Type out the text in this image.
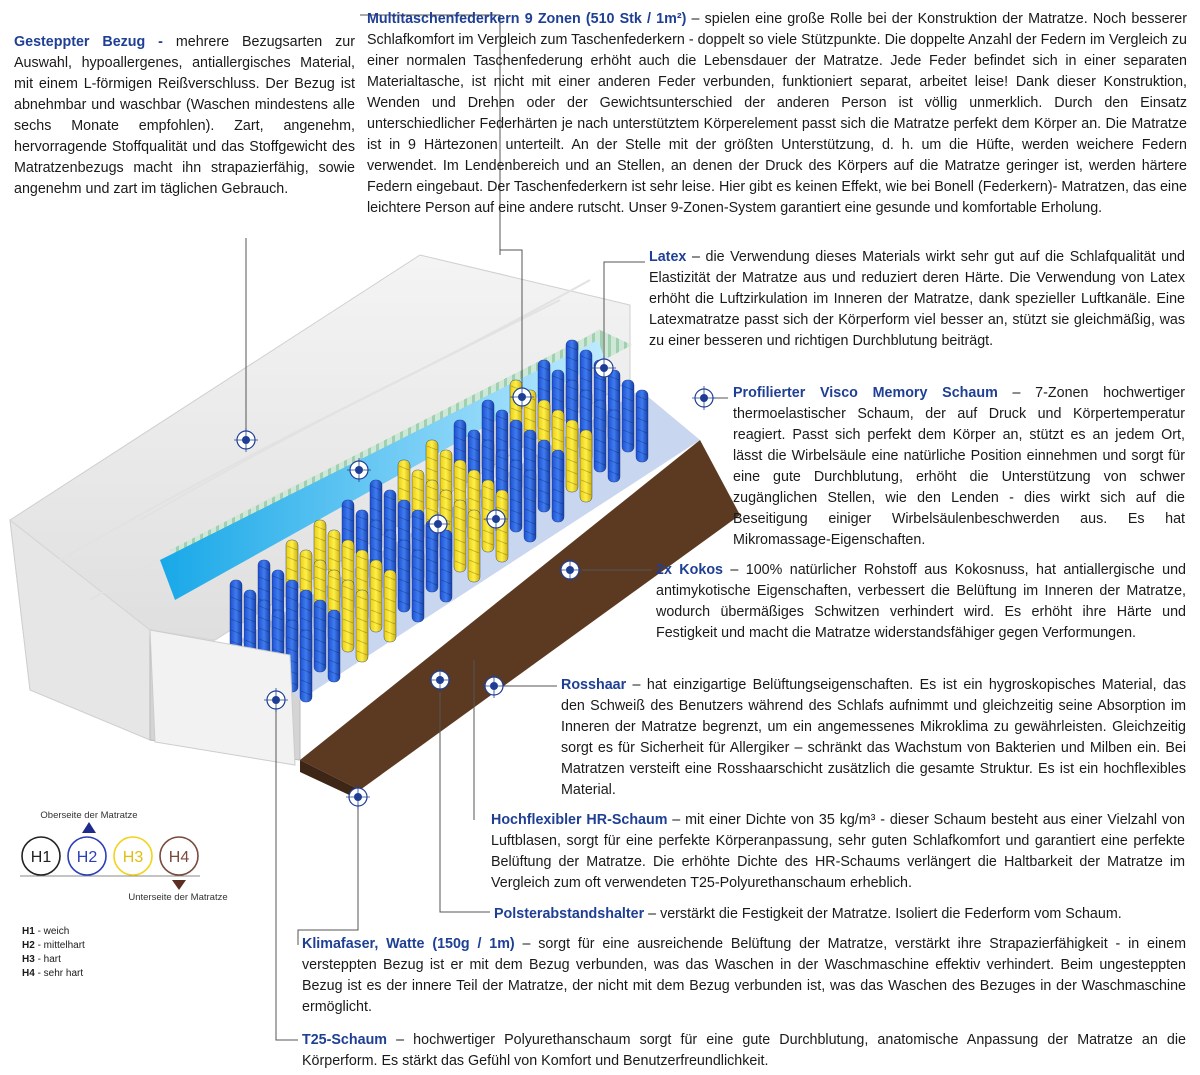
Oberseite der Matratze
Unterseite der Matratze
H1 H2 H3 H4
Gesteppter Bezug - mehrere Bezugsarten zur Auswahl, hypoallergenes, antiallergisches Material, mit einem L-förmigen Reißverschluss. Der Bezug ist abnehmbar und waschbar (Waschen mindestens alle sechs Monate empfohlen). Zart, angenehm, hervorragende Stoffqualität und das Stoffgewicht des Matratzenbezugs macht ihn strapazierfähig, sowie angenehm und zart im täglichen Gebrauch.
Multitaschenfederkern 9 Zonen (510 Stk / 1m²) – spielen eine große Rolle bei der Konstruktion der Matratze. Noch besserer Schlafkomfort im Vergleich zum Taschenfederkern - doppelt so viele Stützpunkte. Die doppelte Anzahl der Federn im Vergleich zu einer normalen Taschenfederung erhöht auch die Lebensdauer der Matratze. Jede Feder befindet sich in einer separaten Materialtasche, ist nicht mit einer anderen Feder verbunden, funktioniert separat, arbeitet leise! Dank dieser Konstruktion, Wenden und Drehen oder der Gewichtsunterschied der anderen Person ist völlig unmerklich. Durch den Einsatz unterschiedlicher Federhärten je nach unterstütztem Körperelement passt sich die Matratze perfekt dem Körper an. Die Matratze ist in 9 Härtezonen unterteilt. An der Stelle mit der größten Unterstützung, d. h. um die Hüfte, werden weichere Federn verwendet. Im Lendenbereich und an Stellen, an denen der Druck des Körpers auf die Matratze geringer ist, werden härtere Federn eingebaut. Der Taschenfederkern ist sehr leise. Hier gibt es keinen Effekt, wie bei Bonell (Federkern)- Matratzen, das eine leichtere Person auf eine andere rutscht. Unser 9-Zonen-System garantiert eine gesunde und komfortable Erholung.
Latex – die Verwendung dieses Materials wirkt sehr gut auf die Schlafqualität und Elastizität der Matratze aus und reduziert deren Härte. Die Verwendung von Latex erhöht die Luftzirkulation im Inneren der Matratze, dank spezieller Luftkanäle. Eine Latexmatratze passt sich der Körperform viel besser an, stützt sie gleichmäßig, was zu einer besseren und richtigen Durchblutung beiträgt.
Profilierter Visco Memory Schaum – 7-Zonen hochwertiger thermoelastischer Schaum, der auf Druck und Körpertemperatur reagiert. Passt sich perfekt dem Körper an, stützt es an jedem Ort, lässt die Wirbelsäule eine natürliche Position einnehmen und sorgt für eine gute Durchblutung, erhöht die Unterstützung von schwer zugänglichen Stellen, wie den Lenden - dies wirkt sich auf die Beseitigung einiger Wirbelsäulenbeschwerden aus. Es hat Mikromassage-Eigenschaften.
2x Kokos – 100% natürlicher Rohstoff aus Kokosnuss, hat antiallergische und antimykotische Eigenschaften, verbessert die Belüftung im Inneren der Matratze, wodurch übermäßiges Schwitzen verhindert wird. Es erhöht ihre Härte und Festigkeit und macht die Matratze widerstandsfähiger gegen Verformungen.
Rosshaar – hat einzigartige Belüftungseigenschaften. Es ist ein hygroskopisches Material, das den Schweiß des Benutzers während des Schlafs aufnimmt und gleichzeitig seine Absorption im Inneren der Matratze begrenzt, um ein angemessenes Mikroklima zu gewährleisten. Gleichzeitig sorgt es für Sicherheit für Allergiker – schränkt das Wachstum von Bakterien und Milben ein. Bei Matratzen versteift eine Rosshaarschicht zusätzlich die gesamte Struktur. Es ist ein hochflexibles Material.
Hochflexibler HR-Schaum – mit einer Dichte von 35 kg/m³ - dieser Schaum besteht aus einer Vielzahl von Luftblasen, sorgt für eine perfekte Körperanpassung, sehr guten Schlafkomfort und garantiert eine perfekte Belüftung der Matratze. Die erhöhte Dichte des HR-Schaums verlängert die Haltbarkeit der Matratze im Vergleich zum oft verwendeten T25-Polyurethanschaum erheblich.
Polsterabstandshalter – verstärkt die Festigkeit der Matratze. Isoliert die Federform vom Schaum.
Klimafaser, Watte (150g / 1m) – sorgt für eine ausreichende Belüftung der Matratze, verstärkt ihre Strapazierfähigkeit - in einem versteppten Bezug ist er mit dem Bezug verbunden, was das Waschen in der Waschmaschine effektiv verhindert. Beim ungesteppten Bezug ist es der innere Teil der Matratze, der nicht mit dem Bezug verbunden ist, was das Waschen des Bezuges in der Waschmaschine ermöglicht.
T25-Schaum – hochwertiger Polyurethanschaum sorgt für eine gute Durchblutung, anatomische Anpassung der Matratze an die Körperform. Es stärkt das Gefühl von Komfort und Benutzerfreundlichkeit.
H1 - weich
H2 - mittelhart
H3 - hart
H4 - sehr hart
